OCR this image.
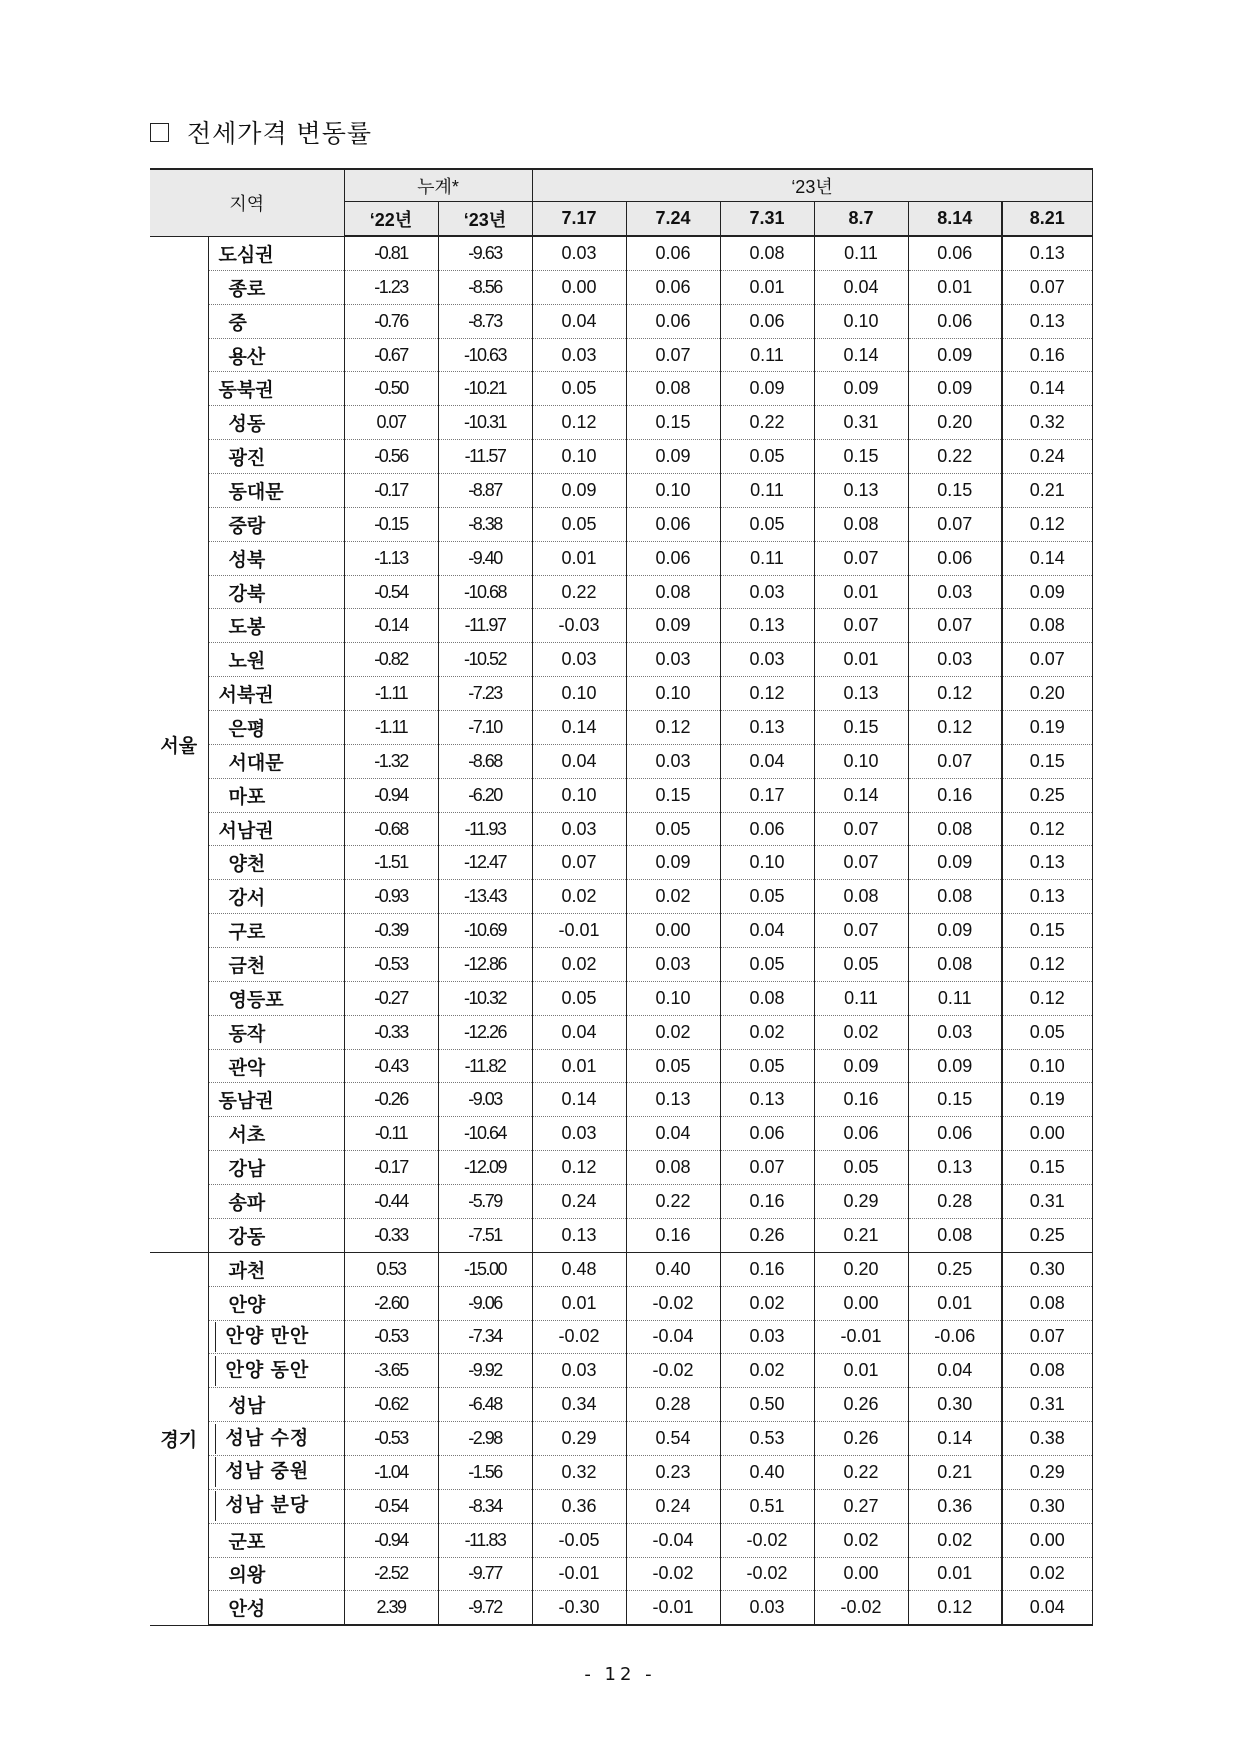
전세가격 변동률
지역		누계*		‘23년					
		‘22년	‘23년	7.17	7.24	7.31	8.7	8.14	8.21
서울	도심권	-0.81	-9.63	0.03	0.06	0.08	0.11	0.06	0.13
	종로	-1.23	-8.56	0.00	0.06	0.01	0.04	0.01	0.07
	중	-0.76	-8.73	0.04	0.06	0.06	0.10	0.06	0.13
	용산	-0.67	-10.63	0.03	0.07	0.11	0.14	0.09	0.16
	동북권	-0.50	-10.21	0.05	0.08	0.09	0.09	0.09	0.14
	성동	0.07	-10.31	0.12	0.15	0.22	0.31	0.20	0.32
	광진	-0.56	-11.57	0.10	0.09	0.05	0.15	0.22	0.24
	동대문	-0.17	-8.87	0.09	0.10	0.11	0.13	0.15	0.21
	중랑	-0.15	-8.38	0.05	0.06	0.05	0.08	0.07	0.12
	성북	-1.13	-9.40	0.01	0.06	0.11	0.07	0.06	0.14
	강북	-0.54	-10.68	0.22	0.08	0.03	0.01	0.03	0.09
	도봉	-0.14	-11.97	-0.03	0.09	0.13	0.07	0.07	0.08
	노원	-0.82	-10.52	0.03	0.03	0.03	0.01	0.03	0.07
	서북권	-1.11	-7.23	0.10	0.10	0.12	0.13	0.12	0.20
	은평	-1.11	-7.10	0.14	0.12	0.13	0.15	0.12	0.19
	서대문	-1.32	-8.68	0.04	0.03	0.04	0.10	0.07	0.15
	마포	-0.94	-6.20	0.10	0.15	0.17	0.14	0.16	0.25
	서남권	-0.68	-11.93	0.03	0.05	0.06	0.07	0.08	0.12
	양천	-1.51	-12.47	0.07	0.09	0.10	0.07	0.09	0.13
	강서	-0.93	-13.43	0.02	0.02	0.05	0.08	0.08	0.13
	구로	-0.39	-10.69	-0.01	0.00	0.04	0.07	0.09	0.15
	금천	-0.53	-12.86	0.02	0.03	0.05	0.05	0.08	0.12
	영등포	-0.27	-10.32	0.05	0.10	0.08	0.11	0.11	0.12
	동작	-0.33	-12.26	0.04	0.02	0.02	0.02	0.03	0.05
	관악	-0.43	-11.82	0.01	0.05	0.05	0.09	0.09	0.10
	동남권	-0.26	-9.03	0.14	0.13	0.13	0.16	0.15	0.19
	서초	-0.11	-10.64	0.03	0.04	0.06	0.06	0.06	0.00
	강남	-0.17	-12.09	0.12	0.08	0.07	0.05	0.13	0.15
	송파	-0.44	-5.79	0.24	0.22	0.16	0.29	0.28	0.31
	강동	-0.33	-7.51	0.13	0.16	0.26	0.21	0.08	0.25
경기	과천	0.53	-15.00	0.48	0.40	0.16	0.20	0.25	0.30
	안양	-2.60	-9.06	0.01	-0.02	0.02	0.00	0.01	0.08
	안양 만안	-0.53	-7.34	-0.02	-0.04	0.03	-0.01	-0.06	0.07
	안양 동안	-3.65	-9.92	0.03	-0.02	0.02	0.01	0.04	0.08
	성남	-0.62	-6.48	0.34	0.28	0.50	0.26	0.30	0.31
	성남 수정	-0.53	-2.98	0.29	0.54	0.53	0.26	0.14	0.38
	성남 중원	-1.04	-1.56	0.32	0.23	0.40	0.22	0.21	0.29
	성남 분당	-0.54	-8.34	0.36	0.24	0.51	0.27	0.36	0.30
	군포	-0.94	-11.83	-0.05	-0.04	-0.02	0.02	0.02	0.00
	의왕	-2.52	-9.77	-0.01	-0.02	-0.02	0.00	0.01	0.02
	안성	2.39	-9.72	-0.30	-0.01	0.03	-0.02	0.12	0.04
- 12 -
